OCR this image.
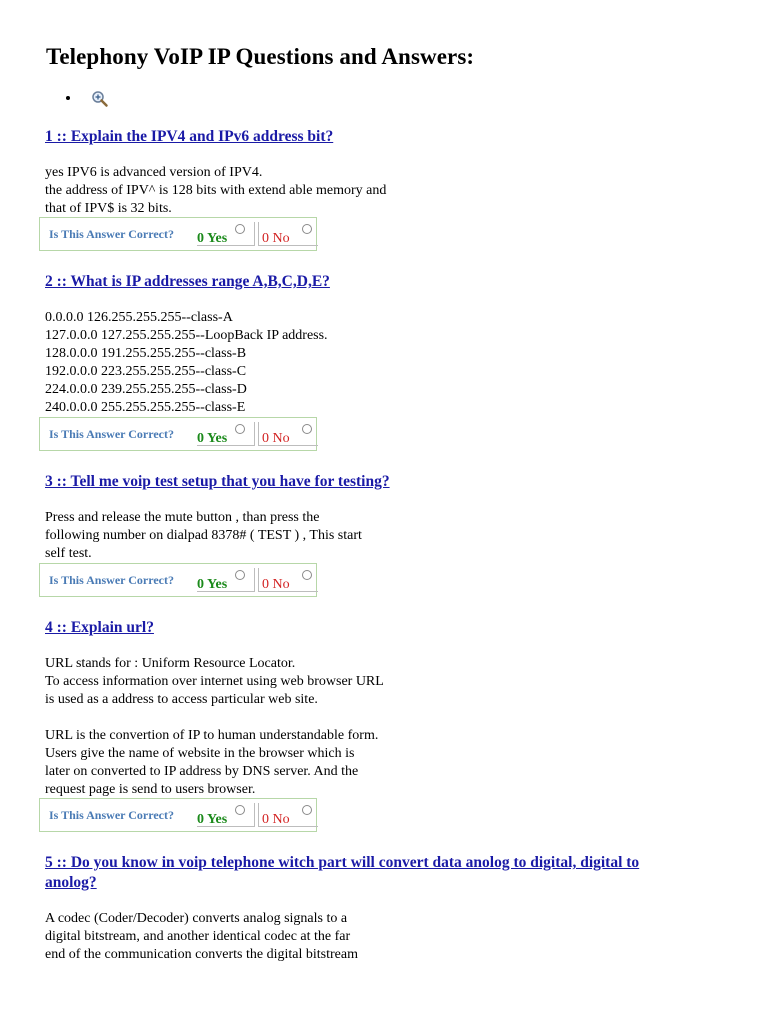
Telephony VoIP IP Questions and Answers:
1 :: Explain the IPV4 and IPv6 address bit?
yes IPV6 is advanced version of IPV4.
the address of IPV^ is 128 bits with extend able memory and
that of IPV$ is 32 bits.
Is This Answer Correct? 0 Yes 0 No
2 :: What is IP addresses range A,B,C,D,E?
0.0.0.0 126.255.255.255--class-A
127.0.0.0 127.255.255.255--LoopBack IP address.
128.0.0.0 191.255.255.255--class-B
192.0.0.0 223.255.255.255--class-C
224.0.0.0 239.255.255.255--class-D
240.0.0.0 255.255.255.255--class-E
Is This Answer Correct? 0 Yes 0 No
3 :: Tell me voip test setup that you have for testing?
Press and release the mute button , than press the
following number on dialpad 8378# ( TEST ) , This start
self test.
Is This Answer Correct? 0 Yes 0 No
4 :: Explain url?
URL stands for : Uniform Resource Locator.
To access information over internet using web browser URL
is used as a address to access particular web site.
URL is the convertion of IP to human understandable form.
Users give the name of website in the browser which is
later on converted to IP address by DNS server. And the
request page is send to users browser.
Is This Answer Correct? 0 Yes 0 No
5 :: Do you know in voip telephone witch part will convert data anolog to digital, digital to
anolog?
A codec (Coder/Decoder) converts analog signals to a
digital bitstream, and another identical codec at the far
end of the communication converts the digital bitstream
